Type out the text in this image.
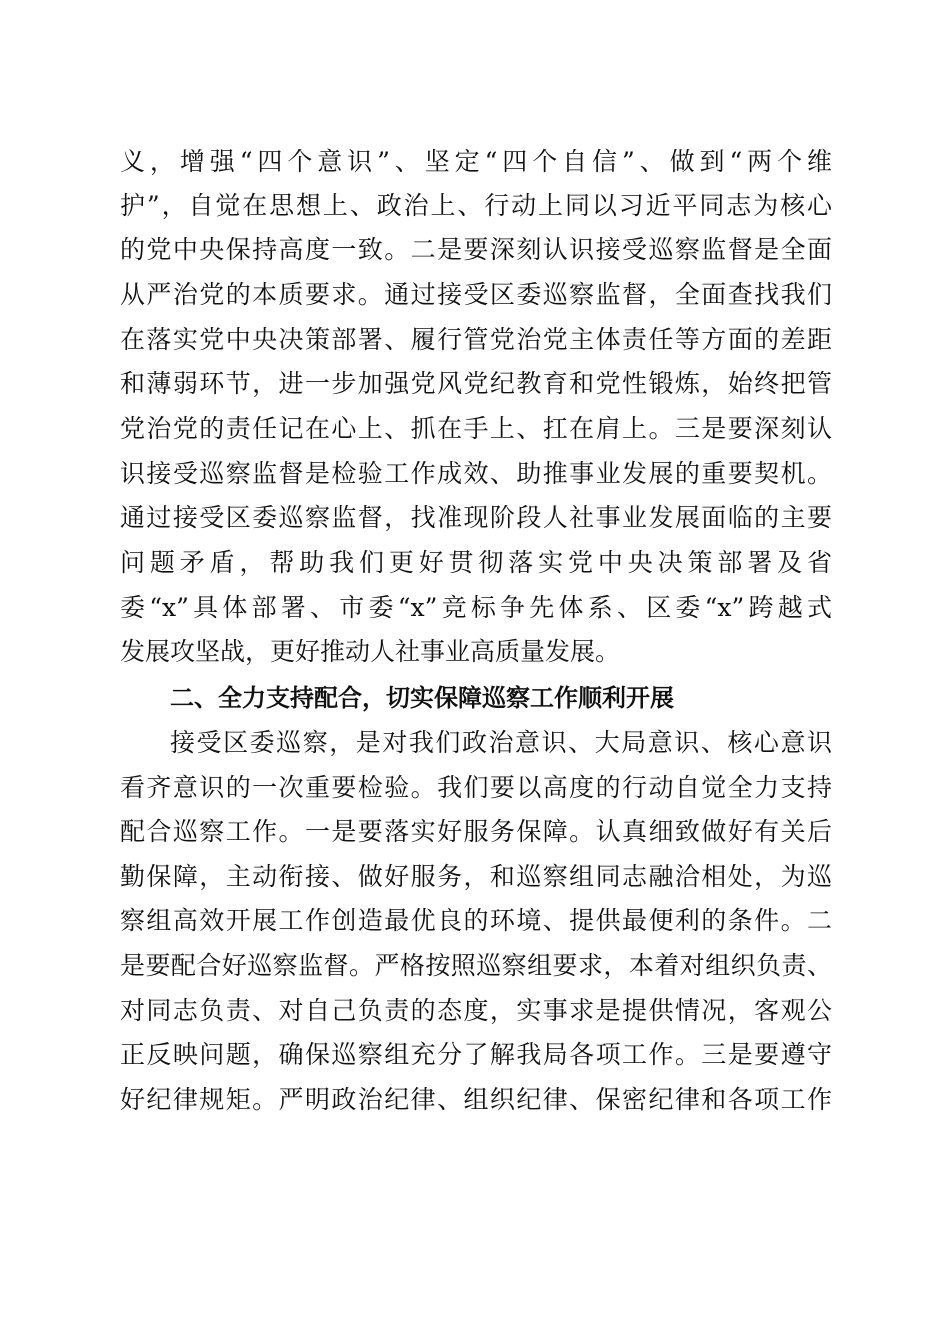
义，增强“四个意识”、坚定“四个自信”、做到“两个维
护”，自觉在思想上、政治上、行动上同以习近平同志为核心
的党中央保持高度一致。二是要深刻认识接受巡察监督是全面
从严治党的本质要求。通过接受区委巡察监督，全面查找我们
在落实党中央决策部署、履行管党治党主体责任等方面的差距
和薄弱环节，进一步加强党风党纪教育和党性锻炼，始终把管
党治党的责任记在心上、抓在手上、扛在肩上。三是要深刻认
识接受巡察监督是检验工作成效、助推事业发展的重要契机。
通过接受区委巡察监督，找准现阶段人社事业发展面临的主要
问题矛盾，帮助我们更好贯彻落实党中央决策部署及省
委“x”具体部署、市委“x”竞标争先体系、区委“x”跨越式
发展攻坚战，更好推动人社事业高质量发展。
二、全力支持配合，切实保障巡察工作顺利开展
接受区委巡察，是对我们政治意识、大局意识、核心意识
看齐意识的一次重要检验。我们要以高度的行动自觉全力支持
配合巡察工作。一是要落实好服务保障。认真细致做好有关后
勤保障，主动衔接、做好服务，和巡察组同志融洽相处，为巡
察组高效开展工作创造最优良的环境、提供最便利的条件。二
是要配合好巡察监督。严格按照巡察组要求，本着对组织负责、
对同志负责、对自己负责的态度，实事求是提供情况，客观公
正反映问题，确保巡察组充分了解我局各项工作。三是要遵守
好纪律规矩。严明政治纪律、组织纪律、保密纪律和各项工作
